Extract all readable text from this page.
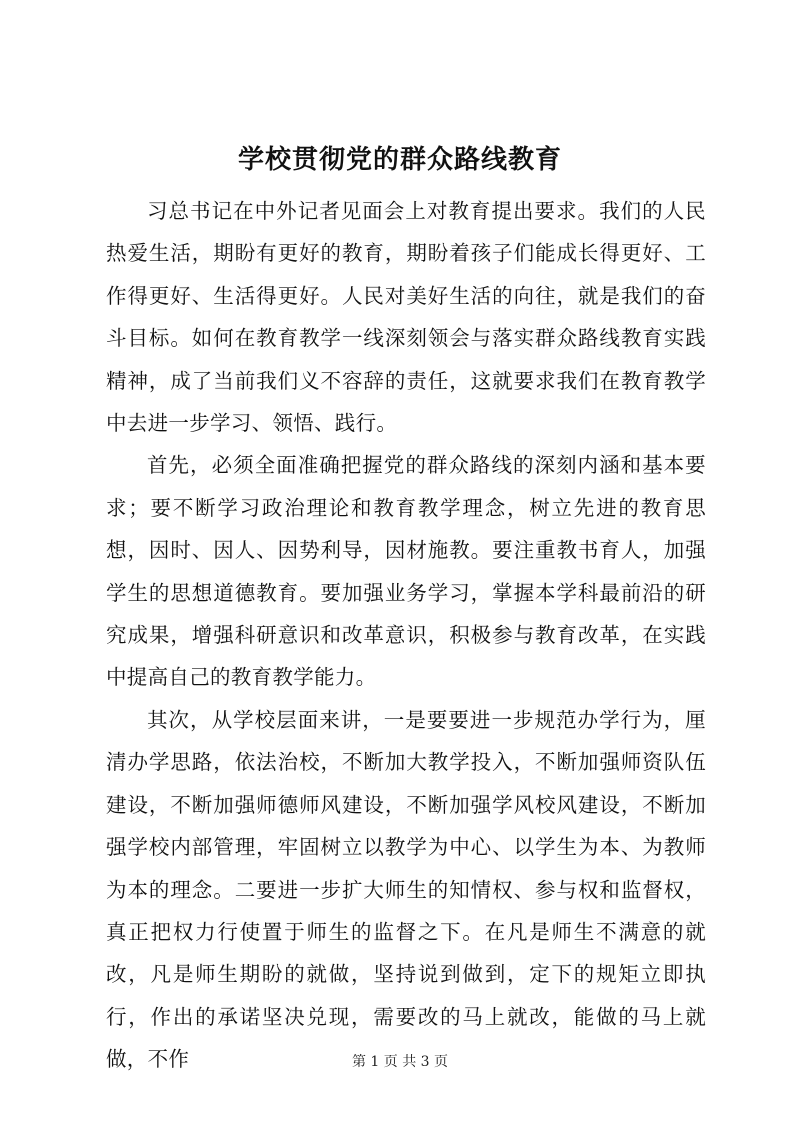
学校贯彻党的群众路线教育

习总书记在中外记者见面会上对教育提出要求。我们的人民热爱生活，期盼有更好的教育，期盼着孩子们能成长得更好、工作得更好、生活得更好。人民对美好生活的向往，就是我们的奋斗目标。如何在教育教学一线深刻领会与落实群众路线教育实践精神，成了当前我们义不容辞的责任，这就要求我们在教育教学中去进一步学习、领悟、践行。

首先，必须全面准确把握党的群众路线的深刻内涵和基本要求；要不断学习政治理论和教育教学理念，树立先进的教育思想，因时、因人、因势利导，因材施教。要注重教书育人，加强学生的思想道德教育。要加强业务学习，掌握本学科最前沿的研究成果，增强科研意识和改革意识，积极参与教育改革，在实践中提高自己的教育教学能力。

其次，从学校层面来讲，一是要要进一步规范办学行为，厘清办学思路，依法治校，不断加大教学投入，不断加强师资队伍建设，不断加强师德师风建设，不断加强学风校风建设，不断加强学校内部管理，牢固树立以教学为中心、以学生为本、为教师为本的理念。二要进一步扩大师生的知情权、参与权和监督权，真正把权力行使置于师生的监督之下。在凡是师生不满意的就改，凡是师生期盼的就做，坚持说到做到，定下的规矩立即执行，作出的承诺坚决兑现，需要改的马上就改，能做的马上就做，不作	第 1 页 共 3 页
